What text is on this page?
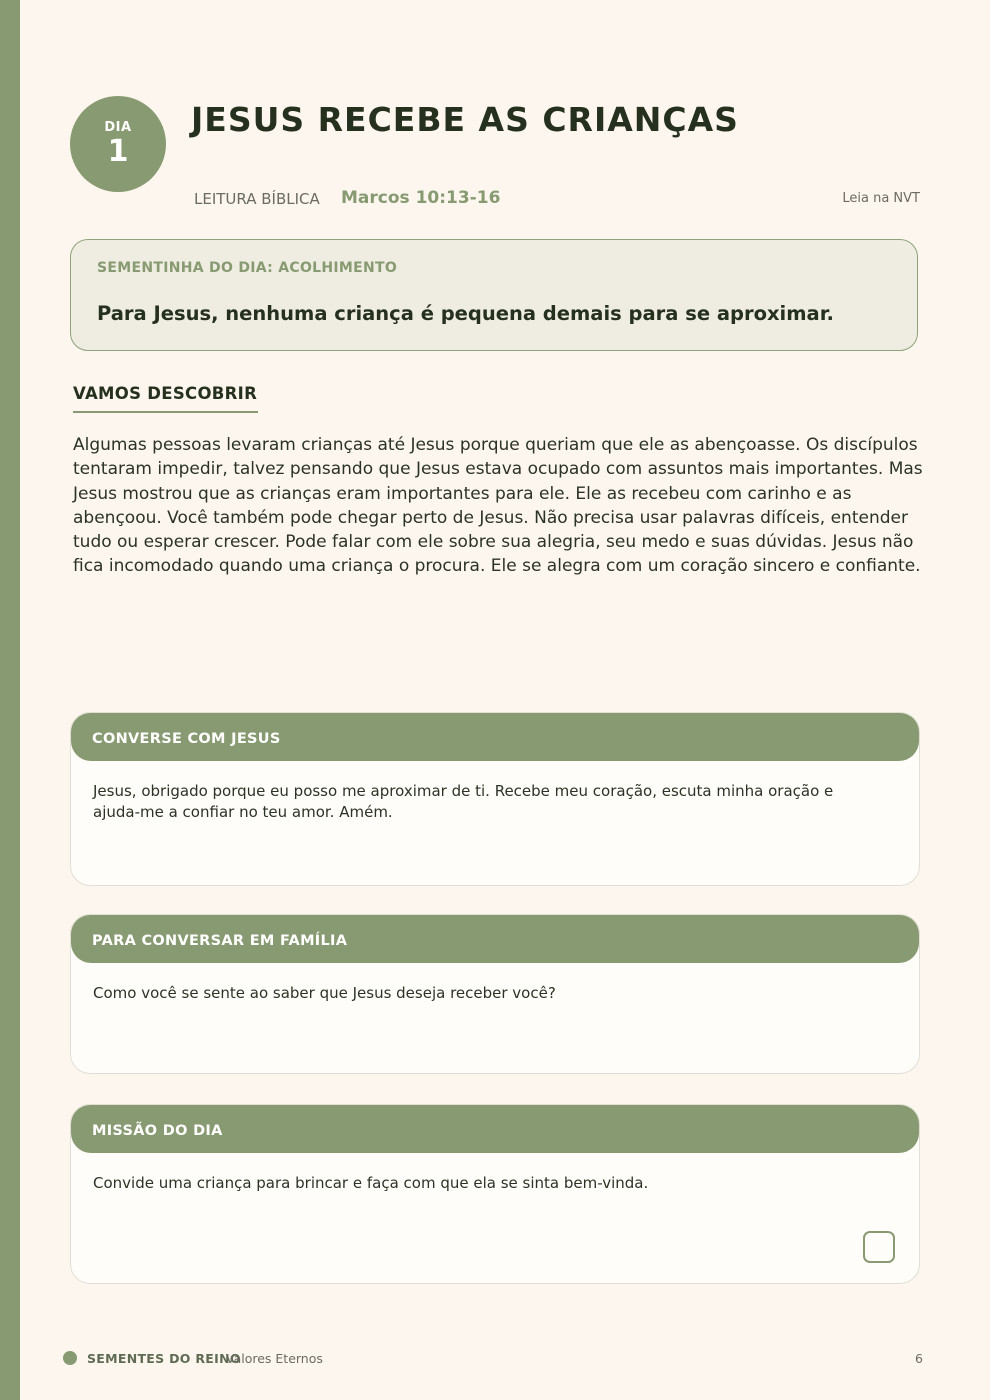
DIA
1
JESUS RECEBE AS CRIANÇAS
LEITURA BÍBLICA Marcos 10:13-16	Leia na NVT
SEMENTINHA DO DIA: ACOLHIMENTO
Para Jesus, nenhuma criança é pequena demais para se aproximar.
VAMOS DESCOBRIR

Algumas pessoas levaram crianças até Jesus porque queriam que ele as abençoasse. Os discípulos tentaram impedir, talvez pensando que Jesus estava ocupado com assuntos mais importantes. Mas Jesus mostrou que as crianças eram importantes para ele. Ele as recebeu com carinho e as abençoou. Você também pode chegar perto de Jesus. Não precisa usar palavras difíceis, entender tudo ou esperar crescer. Pode falar com ele sobre sua alegria, seu medo e suas dúvidas. Jesus não fica incomodado quando uma criança o procura. Ele se alegra com um coração sincero e confiante.

CONVERSE COM JESUS
Jesus, obrigado porque eu posso me aproximar de ti. Recebe meu coração, escuta minha oração e ajuda-me a confiar no teu amor. Amém.
PARA CONVERSAR EM FAMÍLIA
Como você se sente ao saber que Jesus deseja receber você?
MISSÃO DO DIA
Convide uma criança para brincar e faça com que ela se sinta bem-vinda.
SEMENTES DO REINO
Valores Eternos	6
